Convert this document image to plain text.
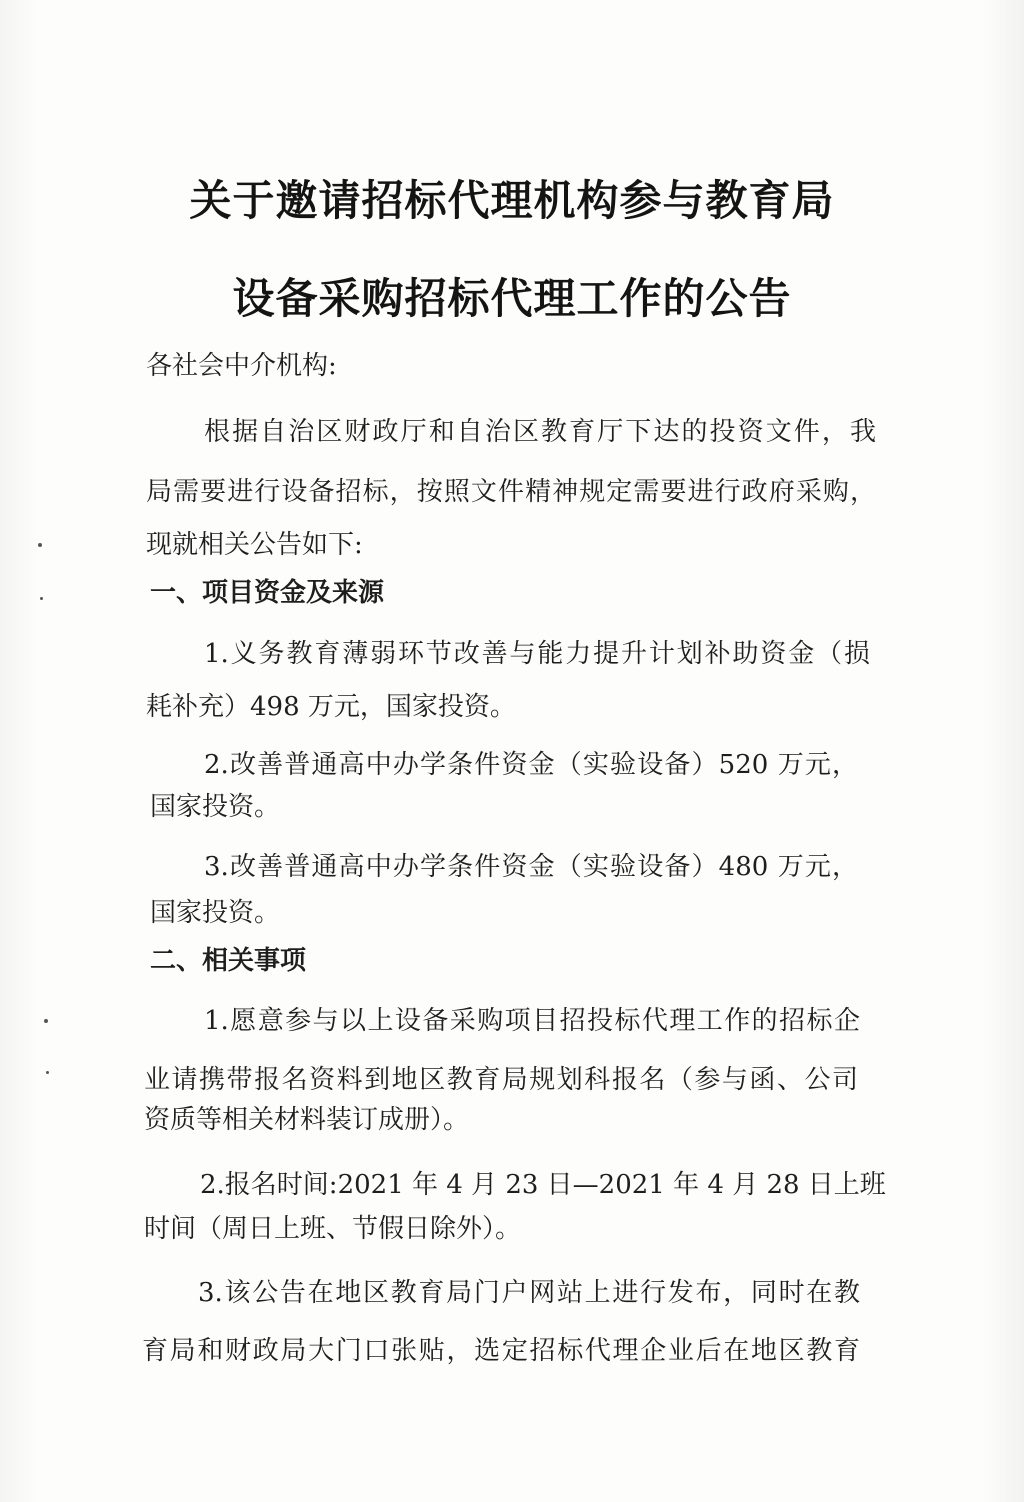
关于邀请招标代理机构参与教育局
设备采购招标代理工作的公告
各社会中介机构:
根据自治区财政厅和自治区教育厅下达的投资文件，我
局需要进行设备招标，按照文件精神规定需要进行政府采购，
现就相关公告如下:
一、项目资金及来源
1.义务教育薄弱环节改善与能力提升计划补助资金（损
耗补充）498 万元，国家投资。
2.改善普通高中办学条件资金（实验设备）520 万元，
国家投资。
3.改善普通高中办学条件资金（实验设备）480 万元，
国家投资。
二、相关事项
1.愿意参与以上设备采购项目招投标代理工作的招标企
业请携带报名资料到地区教育局规划科报名（参与函、公司
资质等相关材料装订成册）。
2.报名时间:2021 年 4 月 23 日—2021 年 4 月 28 日上班
时间（周日上班、节假日除外）。
3.该公告在地区教育局门户网站上进行发布，同时在教
育局和财政局大门口张贴，选定招标代理企业后在地区教育
